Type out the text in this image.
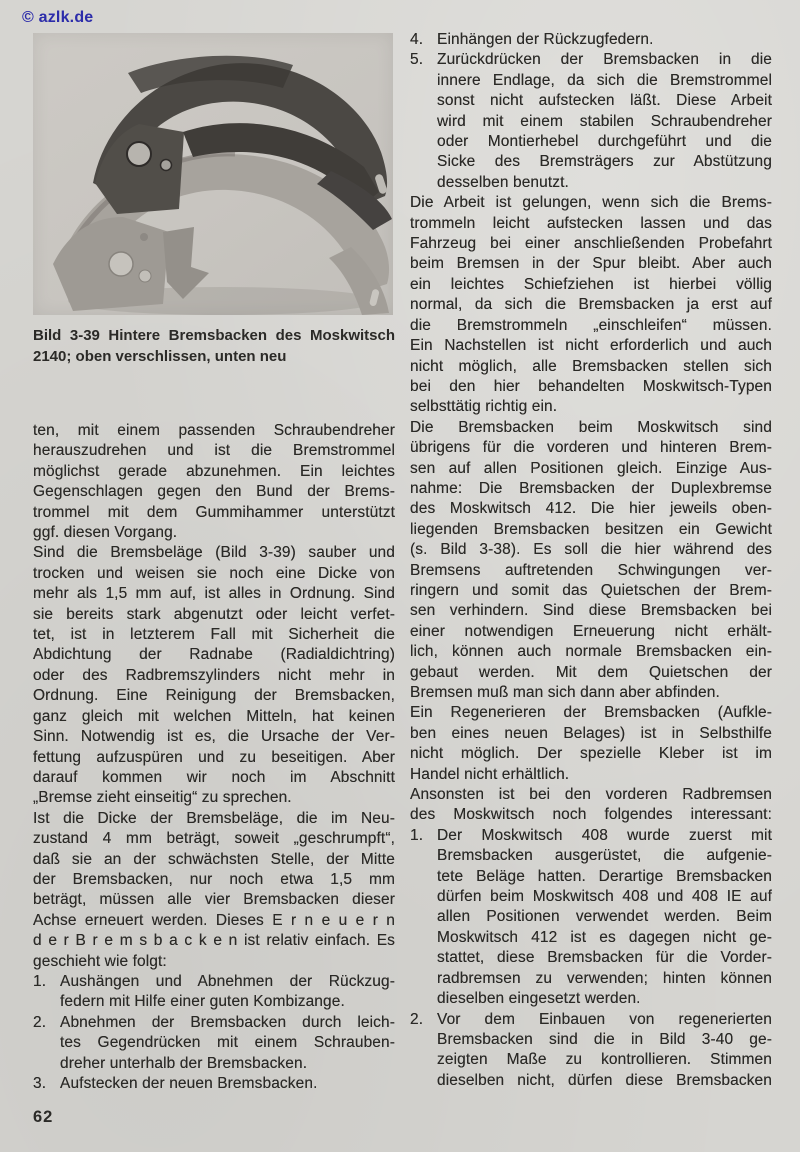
© azlk.de
Bild 3-39 Hintere Bremsbacken des Moskwitsch
2140; oben verschlissen, unten neu
ten, mit einem passenden Schraubendreher
herauszudrehen und ist die Bremstrommel
möglichst gerade abzunehmen. Ein leichtes
Gegenschlagen gegen den Bund der Brems-
trommel mit dem Gummihammer unterstützt
ggf. diesen Vorgang.
Sind die Bremsbeläge (Bild 3-39) sauber und
trocken und weisen sie noch eine Dicke von
mehr als 1,5 mm auf, ist alles in Ordnung. Sind
sie bereits stark abgenutzt oder leicht verfet-
tet, ist in letzterem Fall mit Sicherheit die
Abdichtung der Radnabe (Radialdichtring)
oder des Radbremszylinders nicht mehr in
Ordnung. Eine Reinigung der Bremsbacken,
ganz gleich mit welchen Mitteln, hat keinen
Sinn. Notwendig ist es, die Ursache der Ver-
fettung aufzuspüren und zu beseitigen. Aber
darauf kommen wir noch im Abschnitt
„Bremse zieht einseitig“ zu sprechen.
Ist die Dicke der Bremsbeläge, die im Neu-
zustand 4 mm beträgt, soweit „geschrumpft“,
daß sie an der schwächsten Stelle, der Mitte
der Bremsbacken, nur noch etwa 1,5 mm
beträgt, müssen alle vier Bremsbacken dieser
Achse erneuert werden. Dieses E r n e u e r n
d e r B r e m s b a c k e n ist relativ einfach. Es
geschieht wie folgt:
1. Aushängen und Abnehmen der Rückzug-
federn mit Hilfe einer guten Kombizange.
2. Abnehmen der Bremsbacken durch leich-
tes Gegendrücken mit einem Schrauben-
dreher unterhalb der Bremsbacken.
3. Aufstecken der neuen Bremsbacken.
4. Einhängen der Rückzugfedern.
5. Zurückdrücken der Bremsbacken in die
innere Endlage, da sich die Bremstrommel
sonst nicht aufstecken läßt. Diese Arbeit
wird mit einem stabilen Schraubendreher
oder Montierhebel durchgeführt und die
Sicke des Bremsträgers zur Abstützung
desselben benutzt.
Die Arbeit ist gelungen, wenn sich die Brems-
trommeln leicht aufstecken lassen und das
Fahrzeug bei einer anschließenden Probefahrt
beim Bremsen in der Spur bleibt. Aber auch
ein leichtes Schiefziehen ist hierbei völlig
normal, da sich die Bremsbacken ja erst auf
die Bremstrommeln „einschleifen“ müssen.
Ein Nachstellen ist nicht erforderlich und auch
nicht möglich, alle Bremsbacken stellen sich
bei den hier behandelten Moskwitsch-Typen
selbsttätig richtig ein.
Die Bremsbacken beim Moskwitsch sind
übrigens für die vorderen und hinteren Brem-
sen auf allen Positionen gleich. Einzige Aus-
nahme: Die Bremsbacken der Duplexbremse
des Moskwitsch 412. Die hier jeweils oben-
liegenden Bremsbacken besitzen ein Gewicht
(s. Bild 3-38). Es soll die hier während des
Bremsens auftretenden Schwingungen ver-
ringern und somit das Quietschen der Brem-
sen verhindern. Sind diese Bremsbacken bei
einer notwendigen Erneuerung nicht erhält-
lich, können auch normale Bremsbacken ein-
gebaut werden. Mit dem Quietschen der
Bremsen muß man sich dann aber abfinden.
Ein Regenerieren der Bremsbacken (Aufkle-
ben eines neuen Belages) ist in Selbsthilfe
nicht möglich. Der spezielle Kleber ist im
Handel nicht erhältlich.
Ansonsten ist bei den vorderen Radbremsen
des Moskwitsch noch folgendes interessant:
1. Der Moskwitsch 408 wurde zuerst mit
Bremsbacken ausgerüstet, die aufgenie-
tete Beläge hatten. Derartige Bremsbacken
dürfen beim Moskwitsch 408 und 408 IE auf
allen Positionen verwendet werden. Beim
Moskwitsch 412 ist es dagegen nicht ge-
stattet, diese Bremsbacken für die Vorder-
radbremsen zu verwenden; hinten können
dieselben eingesetzt werden.
2. Vor dem Einbauen von regenerierten
Bremsbacken sind die in Bild 3-40 ge-
zeigten Maße zu kontrollieren. Stimmen
dieselben nicht, dürfen diese Bremsbacken
62
